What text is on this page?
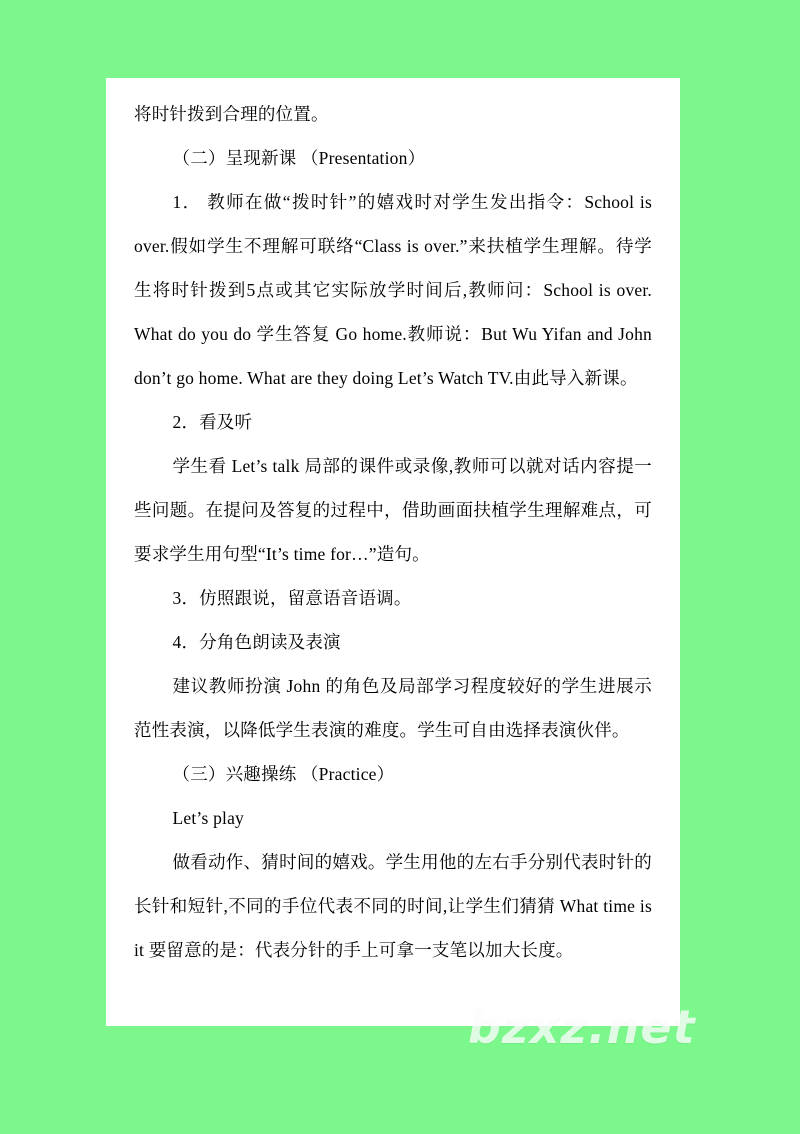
将时针拨到合理的位置。

（二）呈现新课 （Presentation）

1． 教师在做“拨时针”的嬉戏时对学生发出指令：School is over.假如学生不理解可联络“Class is over.”来扶植学生理解。待学生将时针拨到5点或其它实际放学时间后,教师问：School is over. What do you do 学生答复 Go home.教师说：But Wu Yifan and John don’t go home. What are they doing Let’s Watch TV.由此导入新课。

2．看及听

学生看 Let’s talk 局部的课件或录像,教师可以就对话内容提一些问题。在提问及答复的过程中，借助画面扶植学生理解难点，可要求学生用句型“It’s time for…”造句。

3．仿照跟说，留意语音语调。

4．分角色朗读及表演

建议教师扮演 John 的角色及局部学习程度较好的学生进展示范性表演，以降低学生表演的难度。学生可自由选择表演伙伴。

（三）兴趣操练 （Practice）

Let’s play

做看动作、猜时间的嬉戏。学生用他的左右手分别代表时针的长针和短针,不同的手位代表不同的时间,让学生们猜猜 What time is it 要留意的是：代表分针的手上可拿一支笔以加大长度。

bzxz.net
